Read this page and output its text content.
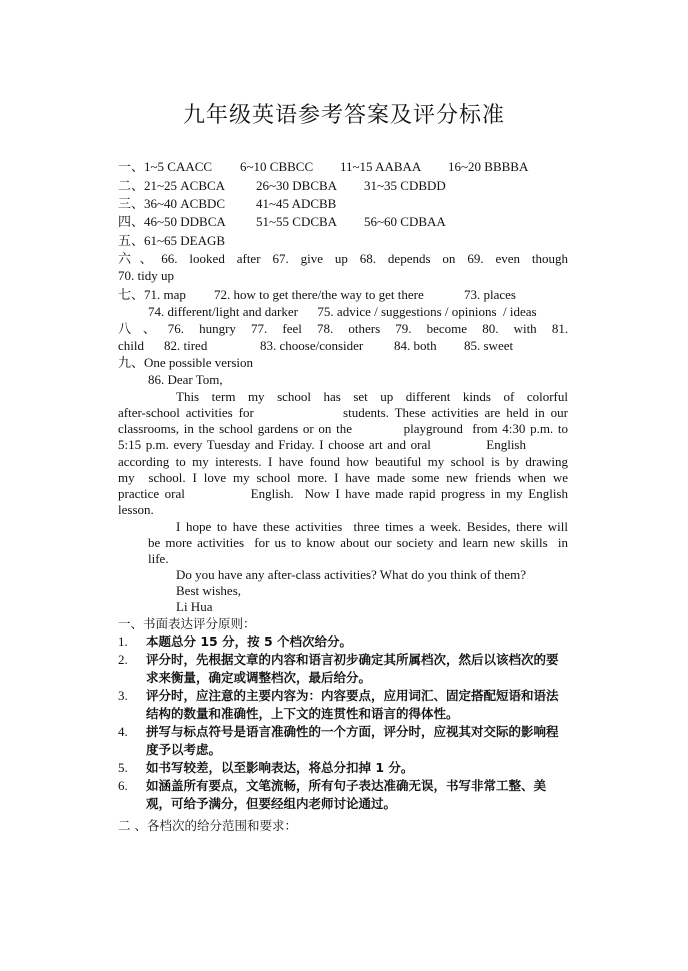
九年级英语参考答案及评分标准
一、1~5 CAACC 6~10 CBBCC 11~15 AABAA 16~20 BBBBA
二、21~25 ACBCA 26~30 DBCBA 31~35 CDBDD
三、36~40 ACBDC 41~45 ADCBB
四、46~50 DDBCA 51~55 CDCBA 56~60 CDBAA
五、61~65 DEAGB
六、66. looked after 67. give up 68. depends on 69. even though
70. tidy up
七、71. map 72. how to get there/the way to get there	73. places
74. different/light and darker      75. advice / suggestions / opinions  / ideas
八、76. hungry 77. feel 78. others 79. become 80. with 81.
child 82. tired	83. choose/consider 84. both 85. sweet
九、One possible version
86. Dear Tom,
This term my school has set up different kinds of colorful
after-school activities for               students. These activities are held in our
classrooms, in the school gardens or on the           playground  from 4:30 p.m. to
5:15 p.m. every Tuesday and Friday. I choose art and oral            English
according to my interests. I have found how beautiful my school is by drawing
my  school. I love my school more. I have made some new friends when we
practice oral            English.  Now I have made rapid progress in my English
lesson.
I hope to have these activities  three times a week. Besides, there will
be more activities  for us to know about our society and learn new skills  in
life.
Do you have any after-class activities? What do you think of them?
Best wishes,
Li Hua
一、书面表达评分原则：
1. 本题总分 15 分，按 5 个档次给分。
2. 评分时，先根据文章的内容和语言初步确定其所属档次，然后以该档次的要求来衡量，确定或调整档次，最后给分。
3. 评分时，应注意的主要内容为：内容要点，应用词汇、固定搭配短语和语法结构的数量和准确性，上下文的连贯性和语言的得体性。
4. 拼写与标点符号是语言准确性的一个方面，评分时，应视其对交际的影响程度予以考虑。
5. 如书写较差，以至影响表达，将总分扣掉 1 分。
6. 如涵盖所有要点，文笔流畅，所有句子表达准确无误，书写非常工整、美观，可给予满分，但要经组内老师讨论通过。
二 、各档次的给分范围和要求：
